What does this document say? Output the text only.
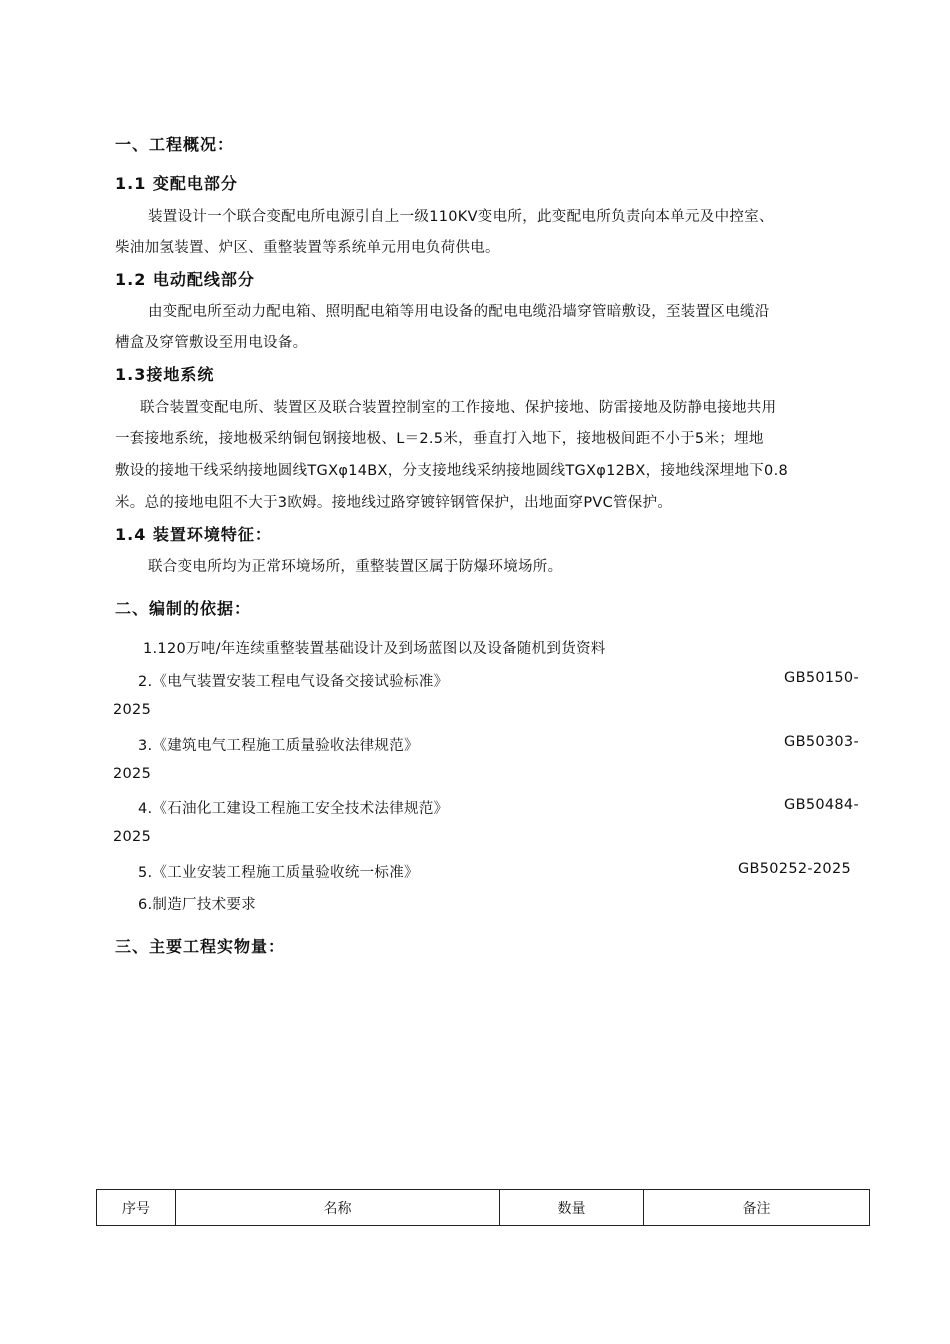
一、工程概况：
1.1 变配电部分
装置设计一个联合变配电所电源引自上一级110KV变电所，此变配电所负责向本单元及中控室、
柴油加氢装置、炉区、重整装置等系统单元用电负荷供电。
1.2 电动配线部分
由变配电所至动力配电箱、照明配电箱等用电设备的配电电缆沿墙穿管暗敷设，至装置区电缆沿
槽盒及穿管敷设至用电设备。
1.3接地系统
联合装置变配电所、装置区及联合装置控制室的工作接地、保护接地、防雷接地及防静电接地共用
一套接地系统，接地极采纳铜包钢接地极、L＝2.5米，垂直打入地下，接地极间距不小于5米；埋地
敷设的接地干线采纳接地圆线TGXφ14BX，分支接地线采纳接地圆线TGXφ12BX，接地线深埋地下0.8
米。总的接地电阻不大于3欧姆。接地线过路穿镀锌钢管保护，出地面穿PVC管保护。
1.4 装置环境特征：
联合变电所均为正常环境场所，重整装置区属于防爆环境场所。
二、编制的依据：
1.120万吨/年连续重整装置基础设计及到场蓝图以及设备随机到货资料
2.《电气装置安装工程电气设备交接试验标准》	GB50150-
2025
3.《建筑电气工程施工质量验收法律规范》	GB50303-
2025
4.《石油化工建设工程施工安全技术法律规范》	GB50484-
2025
5.《工业安装工程施工质量验收统一标准》	GB50252-2025
6.制造厂技术要求
三、主要工程实物量：
序号	名称	数量	备注
